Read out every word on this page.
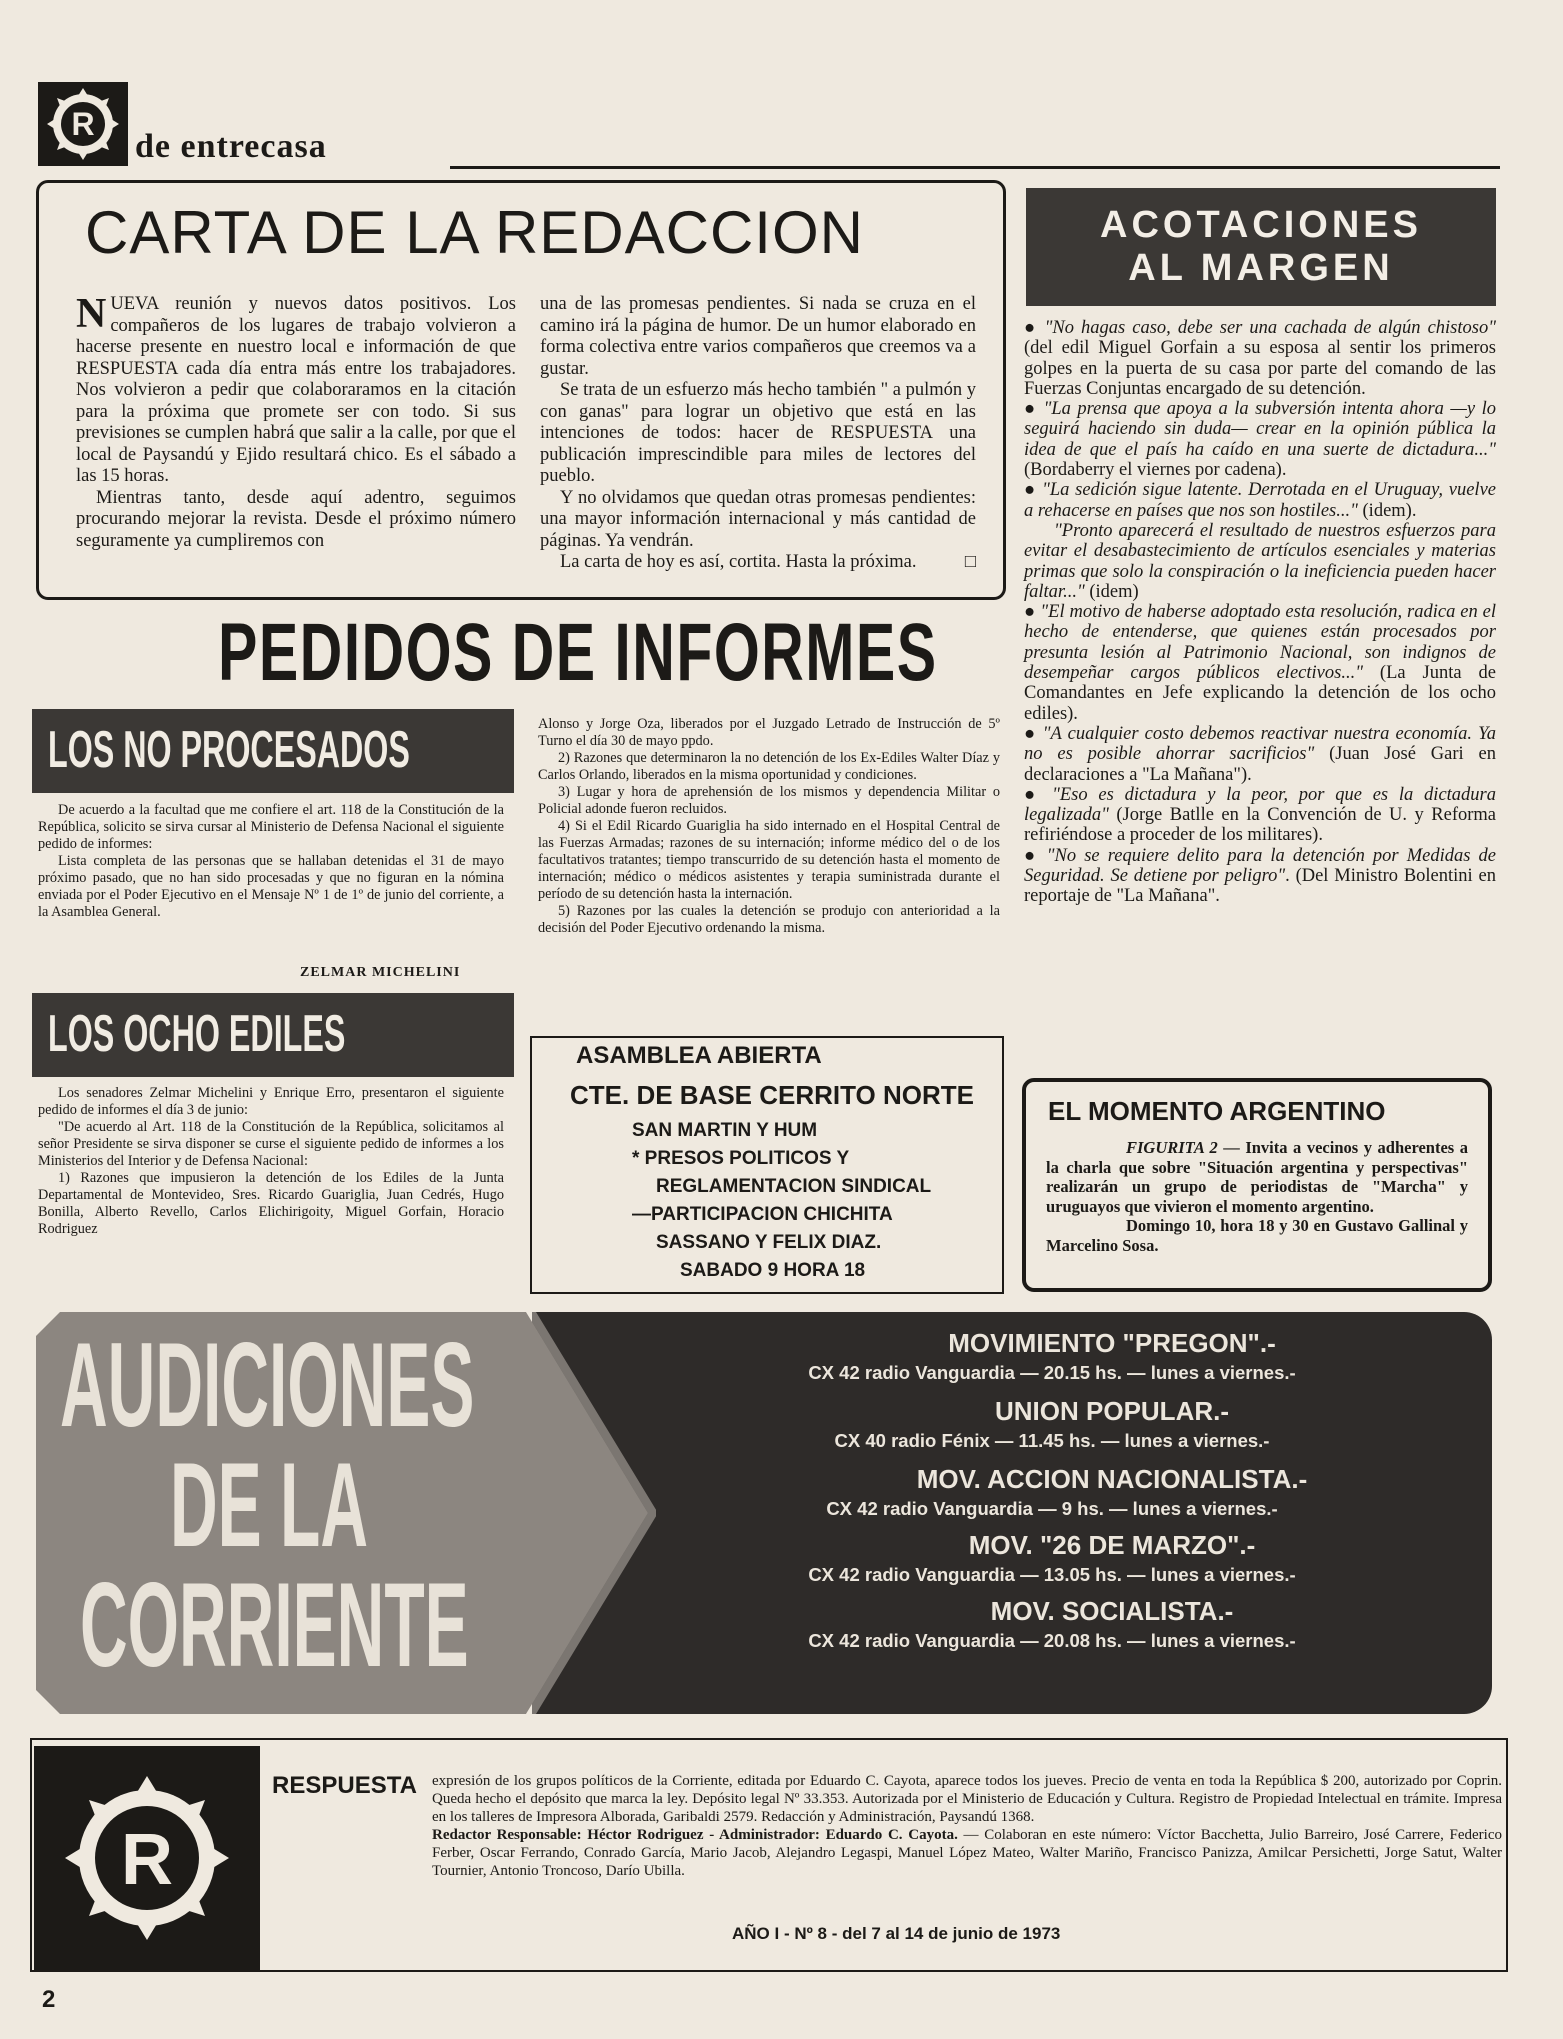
R
de entrecasa
CARTA DE LA REDACCION

NUEVA reunión y nuevos datos positivos. Los compañeros de los lugares de trabajo volvieron a hacerse presente en nuestro local e información de que RESPUESTA cada día entra más entre los trabajadores. Nos volvieron a pedir que colaboraramos en la citación para la próxima que promete ser con todo. Si sus previsiones se cumplen habrá que salir a la calle, por que el local de Paysandú y Ejido resultará chico. Es el sábado a las 15 horas.

Mientras tanto, desde aquí adentro, seguimos procurando mejorar la revista. Desde el próximo número seguramente ya cumpliremos con

una de las promesas pendientes. Si nada se cruza en el camino irá la página de humor. De un humor elaborado en forma colectiva entre varios compañeros que creemos va a gustar.

Se trata de un esfuerzo más hecho también " a pulmón y con ganas" para lograr un objetivo que está en las intenciones de todos: hacer de RESPUESTA una publicación imprescindible para miles de lectores del pueblo.

Y no olvidamos que quedan otras promesas pendientes: una mayor información internacional y más cantidad de páginas. Ya vendrán.

La carta de hoy es así, cortita. Hasta la próxima.	□

ACOTACIONES
AL MARGEN

● "No hagas caso, debe ser una cachada de algún chistoso" (del edil Miguel Gorfain a su esposa al sentir los primeros golpes en la puerta de su casa por parte del comando de las Fuerzas Conjuntas encargado de su detención.

● "La prensa que apoya a la subversión intenta ahora —y lo seguirá haciendo sin duda— crear en la opinión pública la idea de que el país ha caído en una suerte de dictadura..." (Bordaberry el viernes por cadena).

● "La sedición sigue latente. Derrotada en el Uruguay, vuelve a rehacerse en países que nos son hostiles..." (idem).

"Pronto aparecerá el resultado de nuestros esfuerzos para evitar el desabastecimiento de artículos esenciales y materias primas que solo la conspiración o la ineficiencia pueden hacer faltar..." (idem)

● "El motivo de haberse adoptado esta resolución, radica en el hecho de entenderse, que quienes están procesados por presunta lesión al Patrimonio Nacional, son indignos de desempeñar cargos públicos electivos..." (La Junta de Comandantes en Jefe explicando la detención de los ocho ediles).

● "A cualquier costo debemos reactivar nuestra economía. Ya no es posible ahorrar sacrificios" (Juan José Gari en declaraciones a "La Mañana").

● "Eso es dictadura y la peor, por que es la dictadura legalizada" (Jorge Batlle en la Convención de U. y Reforma refiriéndose a proceder de los militares).

● "No se requiere delito para la detención por Medidas de Seguridad. Se detiene por peligro". (Del Ministro Bolentini en reportaje de "La Mañana".

PEDIDOS DE INFORMES
LOS NO PROCESADOS

De acuerdo a la facultad que me confiere el art. 118 de la Constitución de la República, solicito se sirva cursar al Ministerio de Defensa Nacional el siguiente pedido de informes:

Lista completa de las personas que se hallaban detenidas el 31 de mayo próximo pasado, que no han sido procesadas y que no figuran en la nómina enviada por el Poder Ejecutivo en el Mensaje Nº 1 de 1º de junio del corriente, a la Asamblea General.

ZELMAR MICHELINI
LOS OCHO EDILES

Los senadores Zelmar Michelini y Enrique Erro, presentaron el siguiente pedido de informes el día 3 de junio:

"De acuerdo al Art. 118 de la Constitución de la República, solicitamos al señor Presidente se sirva disponer se curse el siguiente pedido de informes a los Ministerios del Interior y de Defensa Nacional:

1) Razones que impusieron la detención de los Ediles de la Junta Departamental de Montevideo, Sres. Ricardo Guariglia, Juan Cedrés, Hugo Bonilla, Alberto Revello, Carlos Elichirigoity, Miguel Gorfain, Horacio Rodriguez

Alonso y Jorge Oza, liberados por el Juzgado Letrado de Instrucción de 5º Turno el día 30 de mayo ppdo.

2) Razones que determinaron la no detención de los Ex-Ediles Walter Díaz y Carlos Orlando, liberados en la misma oportunidad y condiciones.

3) Lugar y hora de aprehensión de los mismos y dependencia Militar o Policial adonde fueron recluidos.

4) Si el Edil Ricardo Guariglia ha sido internado en el Hospital Central de las Fuerzas Armadas; razones de su internación; informe médico del o de los facultativos tratantes; tiempo transcurrido de su detención hasta el momento de internación; médico o médicos asistentes y terapia suministrada durante el período de su detención hasta la internación.

5) Razones por las cuales la detención se produjo con anterioridad a la decisión del Poder Ejecutivo ordenando la misma.

ASAMBLEA ABIERTA
CTE. DE BASE CERRITO NORTE
SAN MARTIN Y HUM
* PRESOS POLITICOS Y
REGLAMENTACION SINDICAL
—PARTICIPACION CHICHITA
SASSANO Y FELIX DIAZ.
SABADO 9 HORA 18
EL MOMENTO ARGENTINO

FIGURITA 2 — Invita a vecinos y adherentes a la charla que sobre "Situación argentina y perspectivas" realizarán un grupo de periodistas de "Marcha" y uruguayos que vivieron el momento argentino.

Domingo 10, hora 18 y 30 en Gustavo Gallinal y Marcelino Sosa.

AUDICIONES
DE LA
CORRIENTE
MOVIMIENTO "PREGON".-
CX 42 radio Vanguardia — 20.15 hs. — lunes a viernes.-
UNION POPULAR.-
CX 40 radio Fénix — 11.45 hs. — lunes a viernes.-
MOV. ACCION NACIONALISTA.-
CX 42 radio Vanguardia — 9 hs. — lunes a viernes.-
MOV. "26 DE MARZO".-
CX 42 radio Vanguardia — 13.05 hs. — lunes a viernes.-
MOV. SOCIALISTA.-
CX 42 radio Vanguardia — 20.08 hs. — lunes a viernes.-
R
RESPUESTA expresión de los grupos políticos de la Corriente, editada por Eduardo C. Cayota, aparece todos los jueves. Precio de venta en toda la República $ 200, autorizado por Coprin. Queda hecho el depósito que marca la ley. Depósito legal Nº 33.353. Autorizada por el Ministerio de Educación y Cultura. Registro de Propiedad Intelectual en trámite. Impresa en los talleres de Impresora Alborada, Garibaldi 2579. Redacción y Administración, Paysandú 1368.

Redactor Responsable: Héctor Rodriguez - Administrador: Eduardo C. Cayota. — Colaboran en este número: Víctor Bacchetta, Julio Barreiro, José Carrere, Federico Ferber, Oscar Ferrando, Conrado García, Mario Jacob, Alejandro Legaspi, Manuel López Mateo, Walter Mariño, Francisco Panizza, Amilcar Persichetti, Jorge Satut, Walter Tournier, Antonio Troncoso, Darío Ubilla.

AÑO I - Nº 8 - del 7 al 14 de junio de 1973
2
